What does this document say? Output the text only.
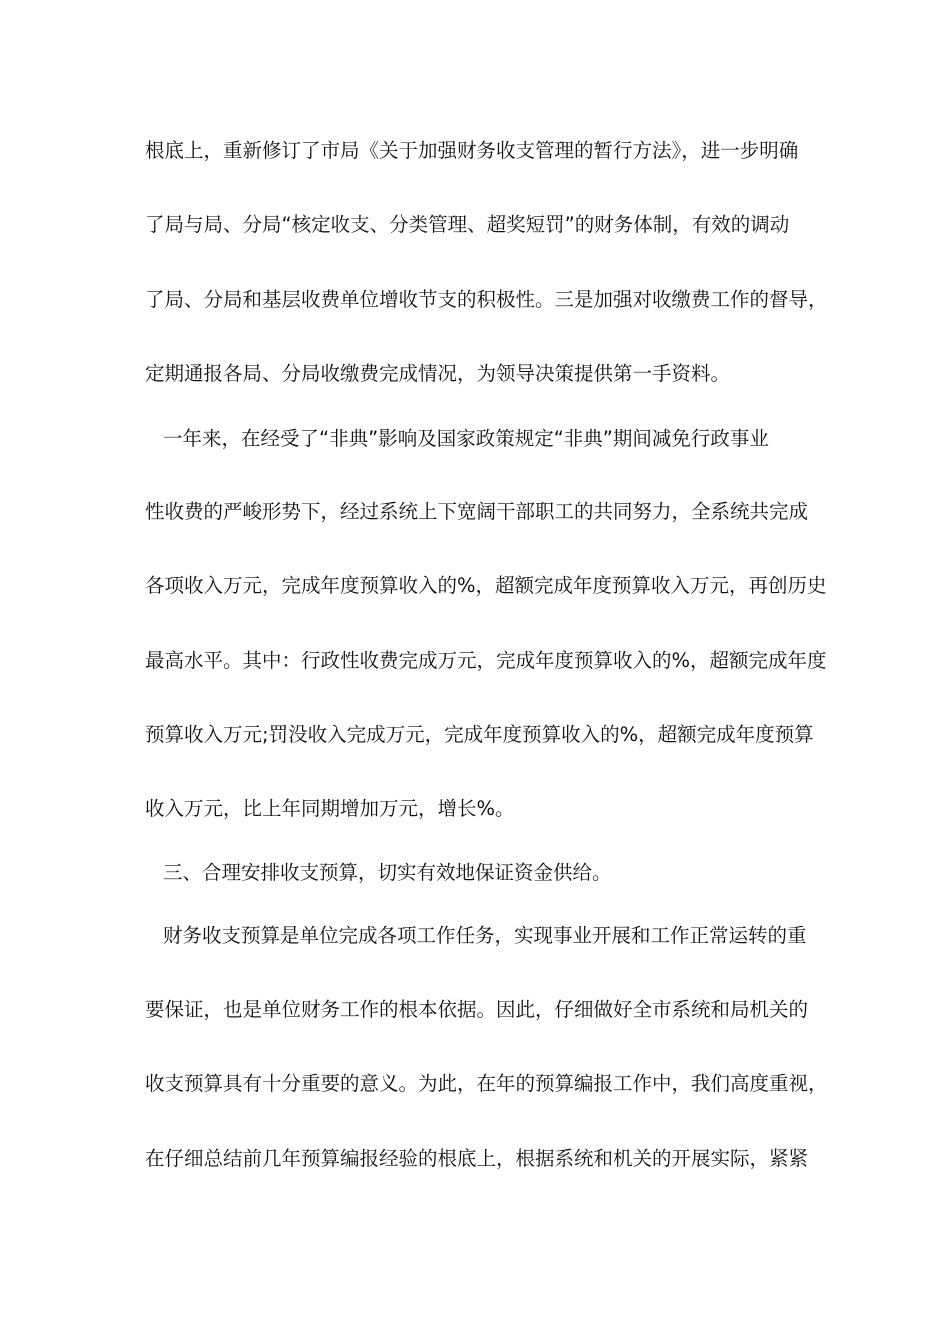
根底上，重新修订了市局《关于加强财务收支管理的暂行方法》，进一步明确
了局与局、分局“核定收支、分类管理、超奖短罚”的财务体制，有效的调动
了局、分局和基层收费单位增收节支的积极性。三是加强对收缴费工作的督导，
定期通报各局、分局收缴费完成情况，为领导决策提供第一手资料。
一年来，在经受了“非典”影响及国家政策规定“非典”期间减免行政事业
性收费的严峻形势下，经过系统上下宽阔干部职工的共同努力，全系统共完成
各项收入万元，完成年度预算收入的%，超额完成年度预算收入万元，再创历史
最高水平。其中：行政性收费完成万元，完成年度预算收入的%，超额完成年度
预算收入万元;罚没收入完成万元，完成年度预算收入的%，超额完成年度预算
收入万元，比上年同期增加万元，增长%。
三、合理安排收支预算，切实有效地保证资金供给。
财务收支预算是单位完成各项工作任务，实现事业开展和工作正常运转的重
要保证，也是单位财务工作的根本依据。因此，仔细做好全市系统和局机关的
收支预算具有十分重要的意义。为此，在年的预算编报工作中，我们高度重视，
在仔细总结前几年预算编报经验的根底上，根据系统和机关的开展实际，紧紧
